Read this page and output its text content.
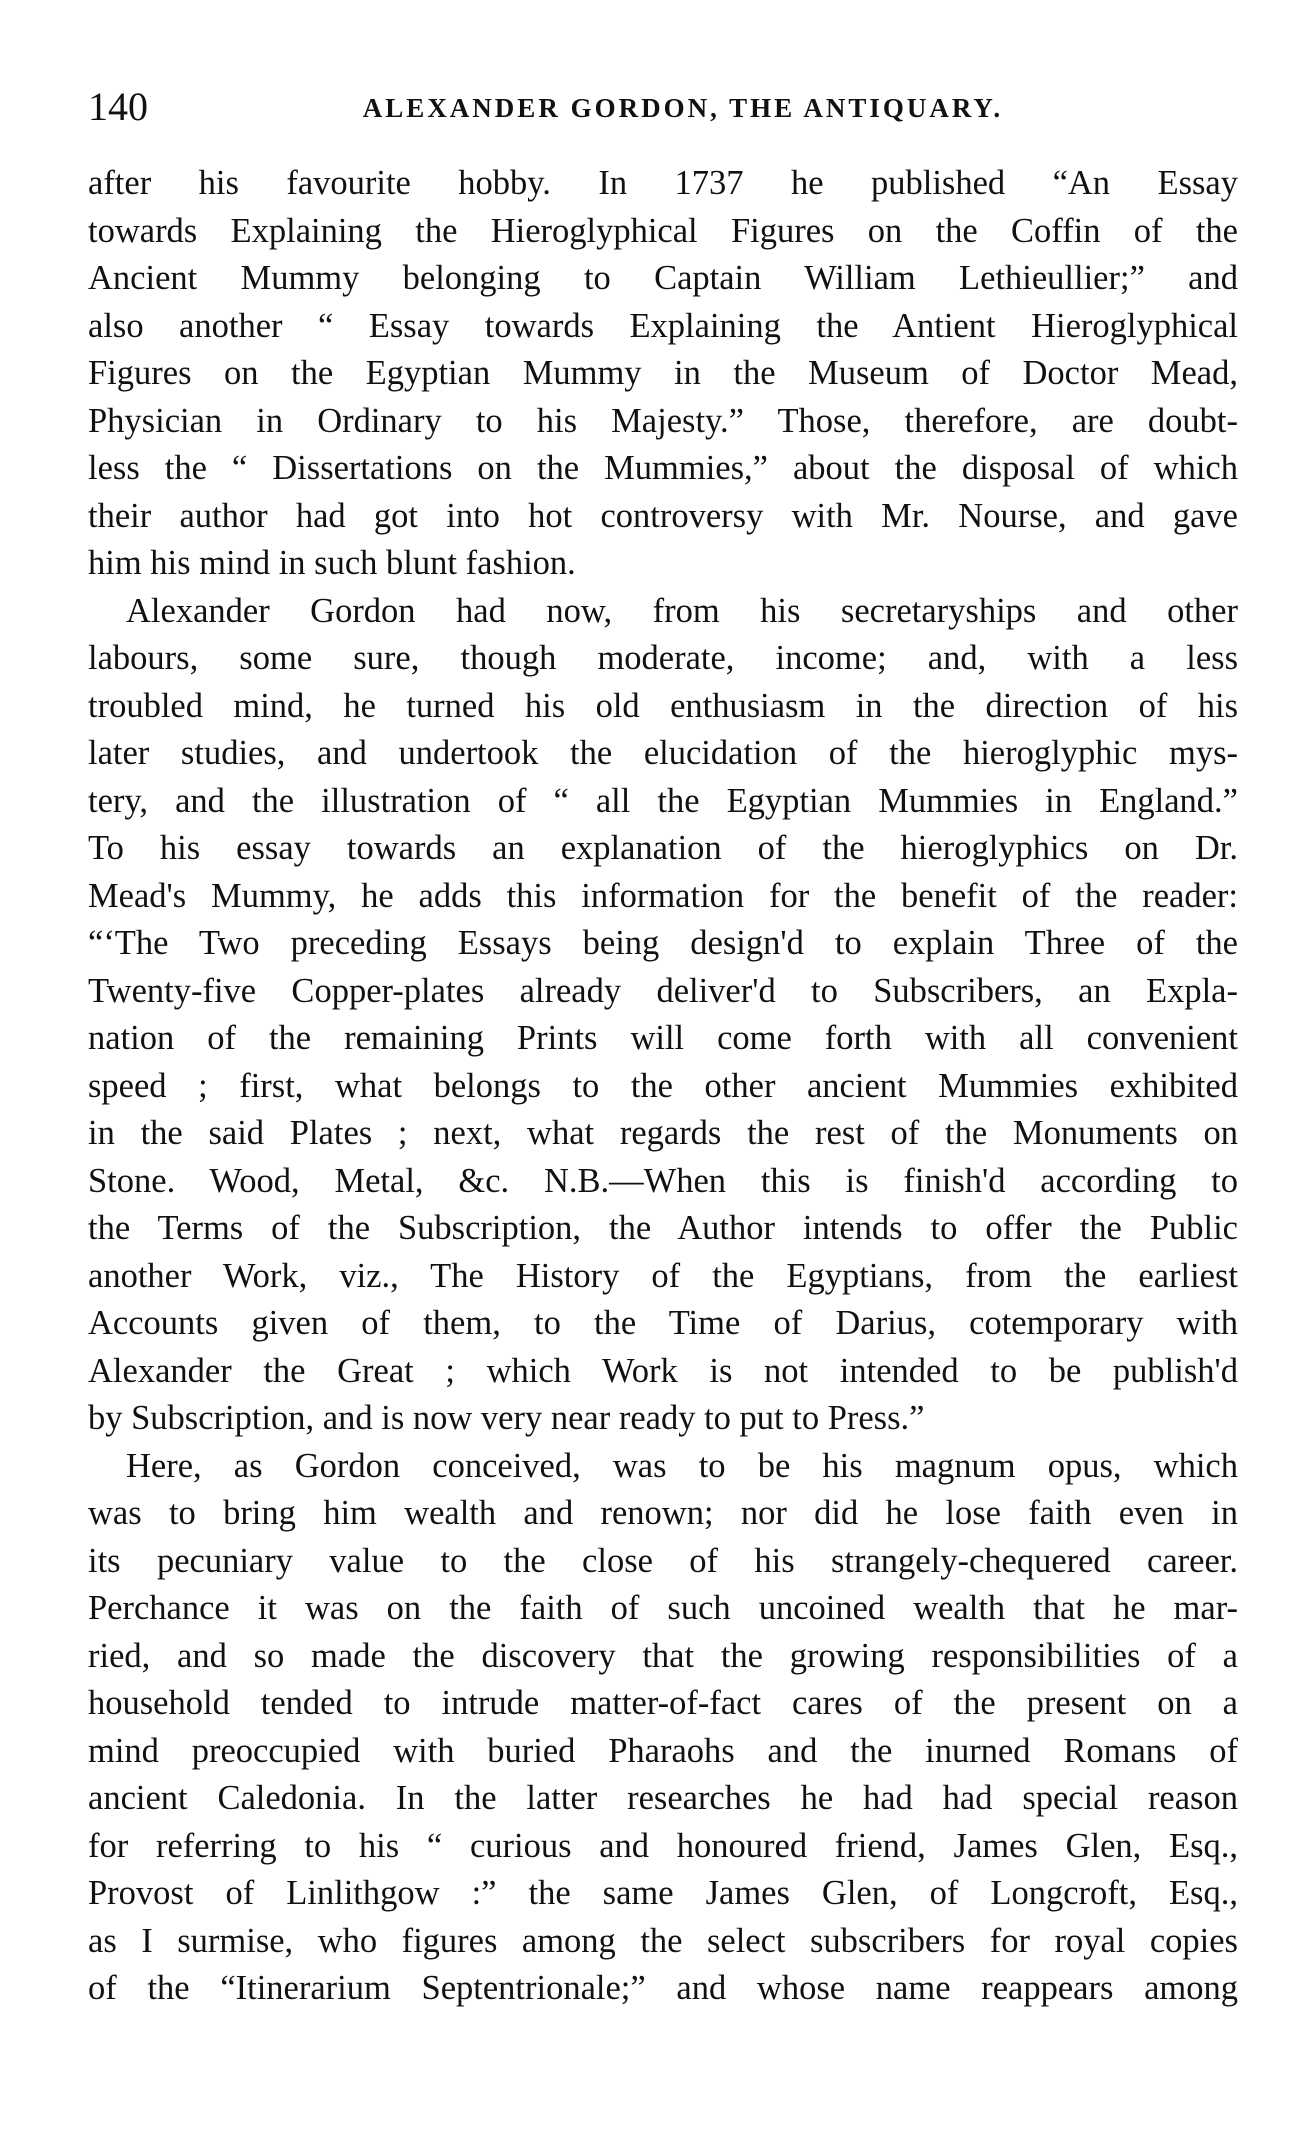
140	ALEXANDER GORDON, THE ANTIQUARY.
after his favourite hobby. In 1737 he published “An Essay
towards Explaining the Hieroglyphical Figures on the Coffin of the
Ancient Mummy belonging to Captain William Lethieullier;” and
also another “ Essay towards Explaining the Antient Hieroglyphical
Figures on the Egyptian Mummy in the Museum of Doctor Mead,
Physician in Ordinary to his Majesty.” Those, therefore, are doubt-
less the “ Dissertations on the Mummies,” about the disposal of which
their author had got into hot controversy with Mr. Nourse, and gave
him his mind in such blunt fashion.
Alexander Gordon had now, from his secretaryships and other
labours, some sure, though moderate, income; and, with a less
troubled mind, he turned his old enthusiasm in the direction of his
later studies, and undertook the elucidation of the hieroglyphic mys-
tery, and the illustration of “ all the Egyptian Mummies in England.”
To his essay towards an explanation of the hieroglyphics on Dr.
Mead's Mummy, he adds this information for the benefit of the reader:
“‘The Two preceding Essays being design'd to explain Three of the
Twenty-five Copper-plates already deliver'd to Subscribers, an Expla-
nation of the remaining Prints will come forth with all convenient
speed ; first, what belongs to the other ancient Mummies exhibited
in the said Plates ; next, what regards the rest of the Monuments on
Stone. Wood, Metal, &c. N.B.—When this is finish'd according to
the Terms of the Subscription, the Author intends to offer the Public
another Work, viz., The History of the Egyptians, from the earliest
Accounts given of them, to the Time of Darius, cotemporary with
Alexander the Great ; which Work is not intended to be publish'd
by Subscription, and is now very near ready to put to Press.”
Here, as Gordon conceived, was to be his magnum opus, which
was to bring him wealth and renown; nor did he lose faith even in
its pecuniary value to the close of his strangely-chequered career.
Perchance it was on the faith of such uncoined wealth that he mar-
ried, and so made the discovery that the growing responsibilities of a
household tended to intrude matter-of-fact cares of the present on a
mind preoccupied with buried Pharaohs and the inurned Romans of
ancient Caledonia. In the latter researches he had had special reason
for referring to his “ curious and honoured friend, James Glen, Esq.,
Provost of Linlithgow :” the same James Glen, of Longcroft, Esq.,
as I surmise, who figures among the select subscribers for royal copies
of the “Itinerarium Septentrionale;” and whose name reappears among
